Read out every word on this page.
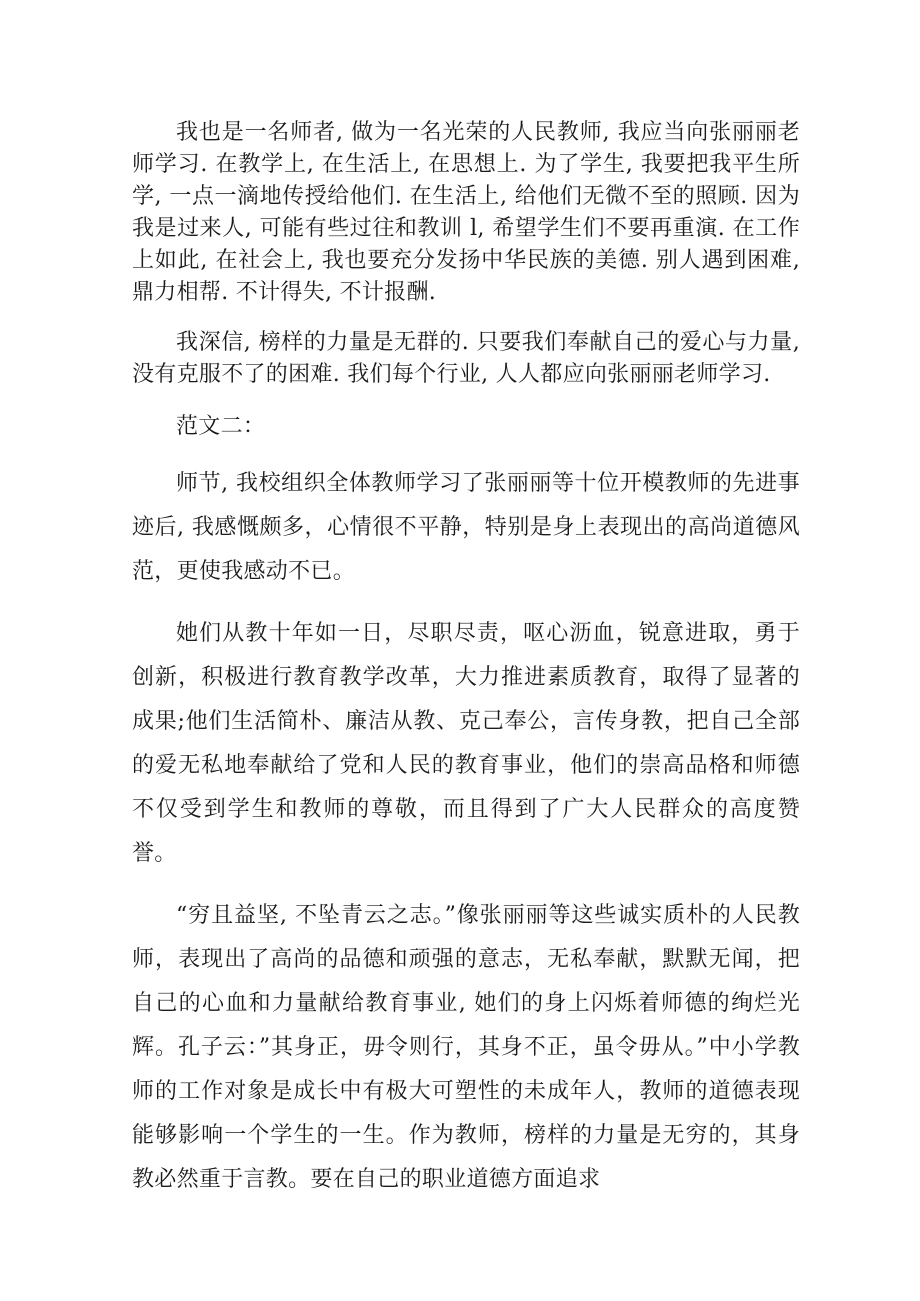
我也是一名师者, 做为一名光荣的人民教师, 我应当向张丽丽老师学习. 在教学上, 在生活上, 在思想上. 为了学生, 我要把我平生所学, 一点一滴地传授给他们. 在生活上, 给他们无微不至的照顾. 因为我是过来人, 可能有些过往和教训 l, 希望学生们不要再重演. 在工作上如此, 在社会上, 我也要充分发扬中华民族的美德. 别人遇到困难, 鼎力相帮. 不计得失, 不计报酬.

我深信, 榜样的力量是无群的. 只要我们奉献自己的爱心与力量, 没有克服不了的困难. 我们每个行业, 人人都应向张丽丽老师学习.

范文二：

师节, 我校组织全体教师学习了张丽丽等十位开模教师的先进事迹后, 我感慨颇多，心情很不平静，特别是身上表现出的高尚道德风范，更使我感动不已。

她们从教十年如一日，尽职尽责，呕心沥血，锐意进取，勇于创新，积极进行教育教学改革，大力推进素质教育，取得了显著的成果;他们生活简朴、廉洁从教、克己奉公，言传身教，把自己全部的爱无私地奉献给了党和人民的教育事业，他们的崇高品格和师德不仅受到学生和教师的尊敬，而且得到了广大人民群众的高度赞誉。

“穷且益坚, 不坠青云之志。”像张丽丽等这些诚实质朴的人民教师，表现出了高尚的品德和顽强的意志，无私奉献，默默无闻，把自己的心血和力量献给教育事业, 她们的身上闪烁着师德的绚烂光辉。孔子云：”其身正，毋令则行，其身不正，虽令毋从。”中小学教师的工作对象是成长中有极大可塑性的未成年人，教师的道德表现能够影响一个学生的一生。作为教师，榜样的力量是无穷的，其身教必然重于言教。要在自己的职业道德方面追求
